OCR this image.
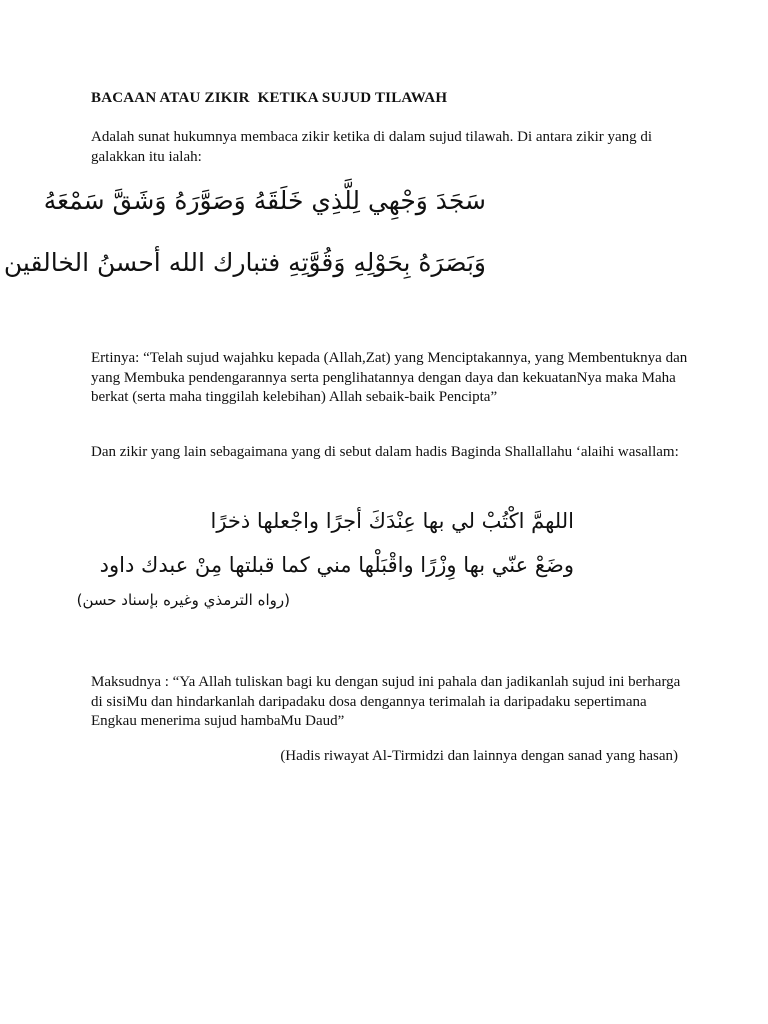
BACAAN ATAU ZIKIR  KETIKA SUJUD TILAWAH
Adalah sunat hukumnya membaca zikir ketika di dalam sujud tilawah. Di antara zikir yang di galakkan itu ialah:
سَجَدَ وَجْهِي لِلَّذِي خَلَقَهُ وَصَوَّرَهُ وَشَقَّ سَمْعَهُ
وَبَصَرَهُ بِحَوْلِهِ وَقُوَّتِهِ فتبارك الله أحسنُ الخالقين
Ertinya: “Telah sujud wajahku kepada (Allah,Zat) yang Menciptakannya, yang Membentuknya dan yang Membuka pendengarannya serta penglihatannya dengan daya dan kekuatanNya maka Maha berkat (serta maha tinggilah kelebihan) Allah sebaik-baik Pencipta”
Dan zikir yang lain sebagaimana yang di sebut dalam hadis Baginda Shallallahu ‘alaihi wasallam:
اللهمَّ اكْتُبْ لي بها عِنْدَكَ أجرًا واجْعلها ذخرًا
وضَعْ عنّي بها وِزْرًا واقْبَلْها مني كما قبلتها مِنْ عبدك داود
(رواه الترمذي وغيره بإسناد حسن)
Maksudnya : “Ya Allah tuliskan bagi ku dengan sujud ini pahala dan jadikanlah sujud ini berharga di sisiMu dan hindarkanlah daripadaku dosa dengannya terimalah ia daripadaku sepertimana Engkau menerima sujud hambaMu Daud”
(Hadis riwayat Al-Tirmidzi dan lainnya dengan sanad yang hasan)
